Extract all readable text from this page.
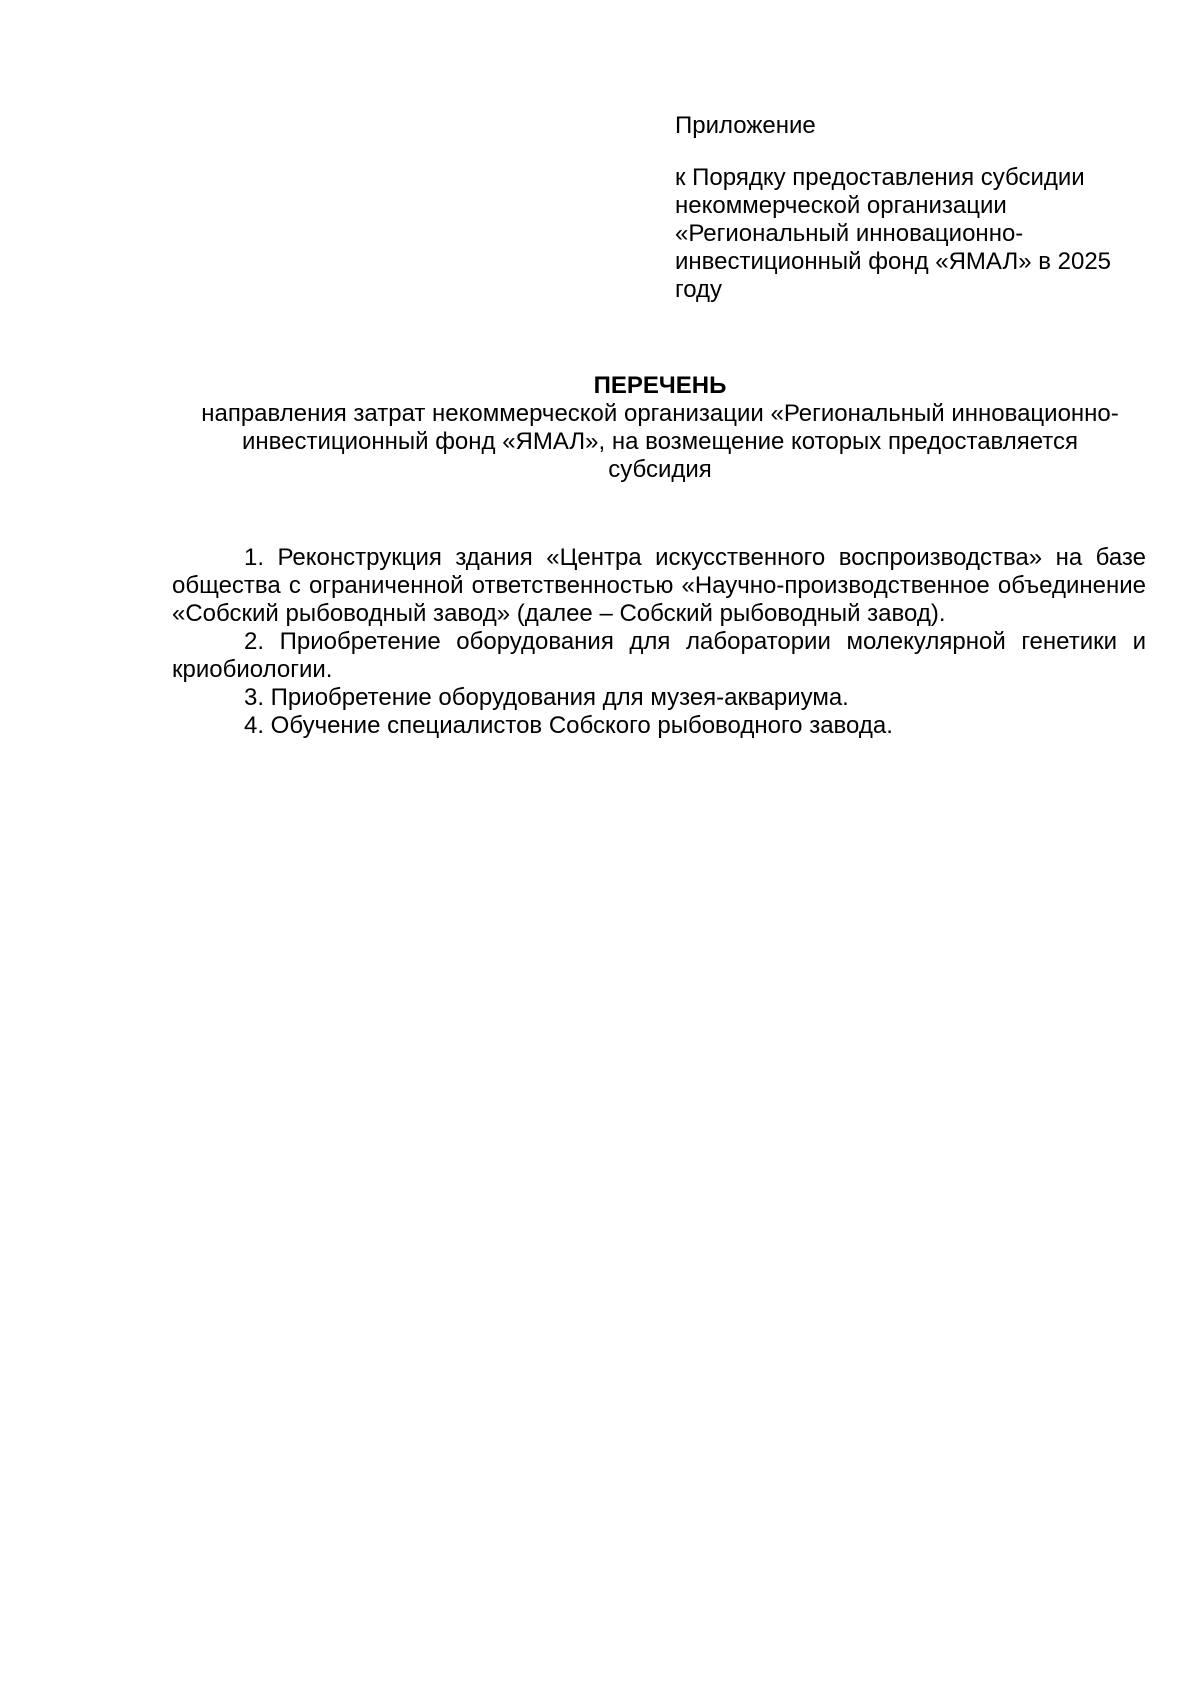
Приложение

к Порядку предоставления субсидии некоммерческой организации «Региональный инновационно-инвестиционный фонд «ЯМАЛ» в 2025 году

ПЕРЕЧЕНЬ

направления затрат некоммерческой организации «Региональный инновационно-инвестиционный фонд «ЯМАЛ», на возмещение которых предоставляется субсидия

1. Реконструкция здания «Центра искусственного воспроизводства» на базе общества с ограниченной ответственностью «Научно-производственное объединение «Собский рыбоводный завод» (далее – Собский рыбоводный завод).

2. Приобретение оборудования для лаборатории молекулярной генетики и криобиологии.

3. Приобретение оборудования для музея-аквариума.

4. Обучение специалистов Собского рыбоводного завода.
